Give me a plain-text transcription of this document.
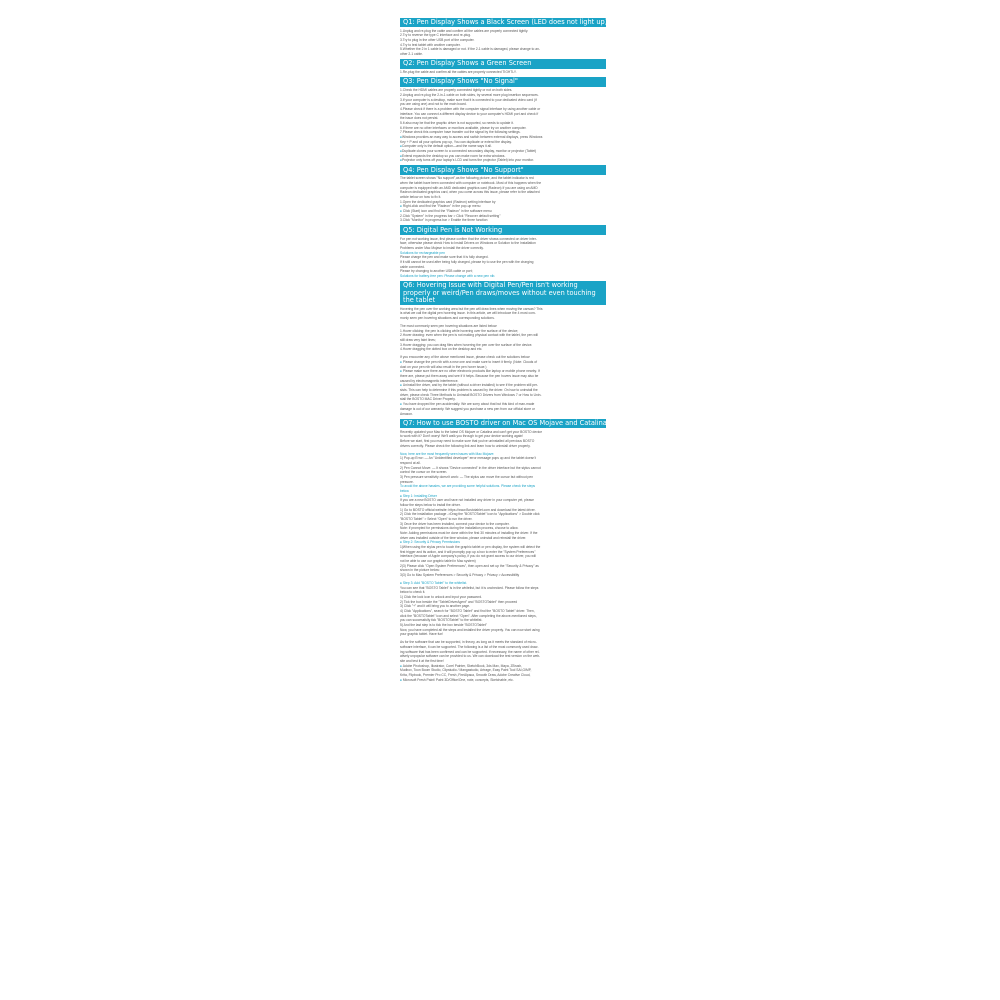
Q1: Pen Display Shows a Black Screen (LED does not light up)
1.Unplug and re-plug the cable and confirm all the cables are properly connected tightly.
2.Try to reverse the type C interface and re-plug.
3.Try to plug in the other USB port of the computer.
4.Try to test tablet with another computer.
5.Whether the 2 in 1 cable is damaged or not. If the 2-1 cable is damaged, please change to an-
other 2-1 cable.
Q2: Pen Display Shows a Green Screen
1.Re-plug the cable and confirm all the cables are properly connected TIGHTLY.
Q3: Pen Display Shows "No Signal"
1.Check the HDMI cables are properly connected tightly or not on both sides.
2.Unplug and re-plug the 2-in-1 cable on both sides, try several more plug insertion sequences.
3.If your computer is a desktop, make sure that it is connected to your dedicated video card (if
you are using one) and not to the main board.
4.Please check if there is a problem with the computer signal interface by using another cable or
interface. You can connect a different display device to your computer's HDMI port and check if
the issue does not persist.
5.It also may be that the graphic driver is not supported, so needs to update it.
6.If there are no other interfaces or monitors available, please try on another computer.
7.Please check this computer have transfer out the signal by the following settings.
●Windows provides an easy way to access and switch between external displays, press Windows
Key + P and all your options pop up, You can duplicate or extend the display.
●Computer only is the default option—and the name says it all.
●Duplicate clones your screen to a connected secondary display, monitor or projector (Tablet)
●Extend expands the desktop so you can make room for extra windows.
●Projector only turns off your laptop's LCD and turns the projector (Tablet) into your monitor.
Q4: Pen Display Shows "No Support"
The tablet screen shows "No support",as the following picture, and the tablet indicator is red
when the tablet have been connected with computer or notebook. Most of this happens when the
computer is equipped with an AMD dedicated graphics card (Radeon) If you are using an AMD
Radeon dedicated graphics card, when you come across this issue, please refer to the attached
article below on how to fix it.
1.Open the dedicated graphics card (Radeon) setting interface by
● Right-click and find the "Radeon" in the pop-up menu
● Click (Start) icon and find the "Radeon" in the software menu
2.Click "System" in the progress bar > Click "Recover default setting"
3.Click "Monitor" in progress bar > Enable the three function
Q5: Digital Pen is Not Working
For pen not working issue, first please confirm that the driver shows connected on driver inter-
face; otherwise please check How to Install Drivers on Windows or Solution to the Installation
Problems under Mac Mojave to install the driver correctly.
Solutions for rechargeable pen
Please charge the pen and make sure that it is fully charged.
If it still cannot be used after being fully charged, please try to use the pen with the charging
cable connected.
Please try changing to another USB cable or port;
Solutions for battery-free pen: Please change with a new pen nib.
Q6: Hovering Issue with Digital Pen/Pen isn't working properly or weird/Pen draws/moves without even touching the tablet
Hovering the pen over the working area but the pen will draw lines when moving the canvas? This
is what we call the digital pen hovering issue. In this article, we will introduce the 4 most com-
monly seen pen hovering situations and corresponding solutions.
The most commonly seen pen hovering situations are listed below:
1.Hover clicking: the pen is clicking while hovering over the surface of the device;
2.Hover drawing: even when the pen is not making physical contact with the tablet, the pen will
still draw very faint lines;
3.Hover dragging: you can drag files when hovering the pen over the surface of the device.
4.Hover dragging the dotted box on the desktop and etc.
If you encounter any of the above mentioned issue, please check out the solutions below:
● Please change the pen nib with a new one and make sure to insert it firmly. (Note: Clouds of
dust on your pen nib will also result in the pen hover issue.)
● Please make sure there are no other electronic products like laptop or mobile phone nearby. If
there are, please put them away and see if it helps. Because the pen hovers issue may also be
caused by electromagnetic interference.
● Uninstall the driver, and try the tablet (without a driver installed) to see if the problem still per-
sists. This can help to determine if this problem is caused by the driver. On how to uninstall the
driver, please check Three Methods to Uninstall BOSTO Drivers from Windows 7 or How to Unin-
stall the BOSTO MAC Driver Properly.
● You have dropped the pen accidentally. We are sorry about that but this kind of man-made
damage is out of our warranty. We suggest you purchase a new pen from our official store or
Amazon.
Q7: How to use BOSTO driver on Mac OS Mojave and Catalina?
Recently updated your Mac to the latest OS Mojave or Catalina and can't get your BOSTO device
to work with it? Don't worry! We'll walk you through to get your device working again!
Before we start, first you may need to make sure that you've uninstalled all previous BOSTO
drivers correctly. Please check the following link and learn how to uninstall driver properly.
Now, here are the most frequently seen issues with Mac Mojave:
1) Pop-up Error: — An "Unidentified developer" error message pops up and the tablet doesn't
respond at all.
2) Pen Cannot Move: — It shows "Device connected" in the driver interface but the stylus cannot
control the cursor on the screen.
3) Pen pressure sensitivity doesn't work: — The stylus can move the cursor but without pen
pressure.
To avoid the above hassles, we are providing some helpful solutions. Please check the steps
below.
● Step 1: Installing Driver
If you are a new BOSTO user and have not installed any driver in your computer yet, please
follow the steps below to install the driver.
1) Go to BOSTO official website: https://www.Bostotablet.com and download the latest driver.
2) Click the installation package ->Drag the "BOSTOTablet" icon to "Applications" > Double click
"BOSTO Tablet" > Select "Open" to run the driver.
3) Once the driver has been installed, connect your device to the computer.
Note: if prompted for permissions during the installation process, choose to allow.
Note: Adding permissions must be done within the first 30 minutes of installing the driver. If the
driver was installed outside of the time window, please uninstall and reinstall the driver.
● Step 2: Security & Privacy Permissions
1)When using the stylus pen to touch the graphic tablet or pen display, the system will detect the
first trigger and its action, and it will promptly pop up a box to enter the "System Preferences"
interface (because of Apple company's policy, if you do not grant access to our driver, you will
not be able to use our graphic tablet in Mac system)
2)3) Please click "Open System Preferences", then open and set up the "Security & Privacy" as
shown in the picture below:
3)3) Go to Mac System Preferences > Security & Privacy > Privacy > Accessibility
● Step 3: Add "BOSTO Tablet" to the whitelist.
You can see that "BOSTO Tablet" is in the whitelist, but it is unchecked. Please follow the steps
below to check it.
1) Click the lock icon to unlock and input your password.
2) Tick the box beside the "TabletDriverAgent" and "BOSTOTablet" then proceed
3) Click "+" and it will bring you to another page.
4) Click "Applications", search for "BOSTO Tablet" and find the "BOSTO Tablet" driver. Then,
click the "BOSTOTablet" icon and select "Open". After completing the above-mentioned steps,
you can successfully tick "BOSTOTablet" to the whitelist.
5) And the last step is to tick the box beside "BOSTOTablet"
Now, you have completed all the steps and installed the driver properly. You can now start using
your graphic tablet. Have fun!
As for the software that can be supported, in theory, as long as it meets the standard of micro-
software interface, it can be supported. The following is a list of the most commonly used draw-
ing software that has been confirmed and can be supported. If necessary, the name of other rel-
atively unpopular software can be provided to us. We can download the test version on the web-
site and test it at the first time!
● Adobe Photoshop, Illustrator, Corel Painter, SketchBook, 3ds Max, Maya, ZBrush,
Mudbox, Toon Boom Studio, Clipstudio / Mangastudio, Artrage, Easy Paint Tool SAI,GIMP,
Krita, Flipbook, Premier Pro CC, Fresh ,FireAlpaca, Smooth Draw, Adobe Creative Cloud,
● Microsoft Fresh Paint/ Paint 3D/Office/One, note, concepts, Sketchable, etc.
